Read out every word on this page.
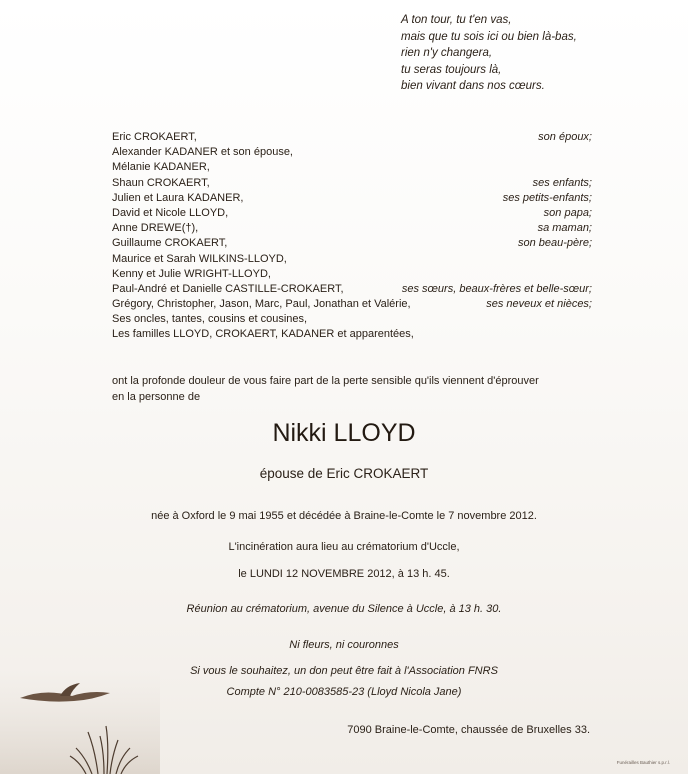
A ton tour, tu t'en vas,
mais que tu sois ici ou bien là-bas,
rien n'y changera,
tu seras toujours là,
bien vivant dans nos cœurs.
Eric CROKAERT,	son époux;
Alexander KADANER et son épouse,
Mélanie KADANER,
Shaun CROKAERT,	ses enfants;
Julien et Laura KADANER,	ses petits-enfants;
David et Nicole LLOYD,	son papa;
Anne DREWE(†),	sa maman;
Guillaume CROKAERT,	son beau-père;
Maurice et Sarah WILKINS-LLOYD,
Kenny et Julie WRIGHT-LLOYD,
Paul-André et Danielle CASTILLE-CROKAERT,	ses sœurs, beaux-frères et belle-sœur;
Grégory, Christopher, Jason, Marc, Paul, Jonathan et Valérie,	ses neveux et nièces;
Ses oncles, tantes, cousins et cousines,
Les familles LLOYD, CROKAERT, KADANER et apparentées,
ont la profonde douleur de vous faire part de la perte sensible qu'ils viennent d'éprouver
en la personne de
Nikki LLOYD
épouse de Eric CROKAERT
née à Oxford le 9 mai 1955 et décédée à Braine-le-Comte le 7 novembre 2012.
L'incinération aura lieu au crématorium d'Uccle,
le LUNDI 12 NOVEMBRE 2012, à 13 h. 45.
Réunion au crématorium, avenue du Silence à Uccle, à 13 h. 30.
Ni fleurs, ni couronnes
Si vous le souhaitez, un don peut être fait à l'Association FNRS
Compte N° 210-0083585-23 (Lloyd Nicola Jane)
7090 Braine-le-Comte, chaussée de Bruxelles 33.
Funérailles Bauthier s.p.r.l.
